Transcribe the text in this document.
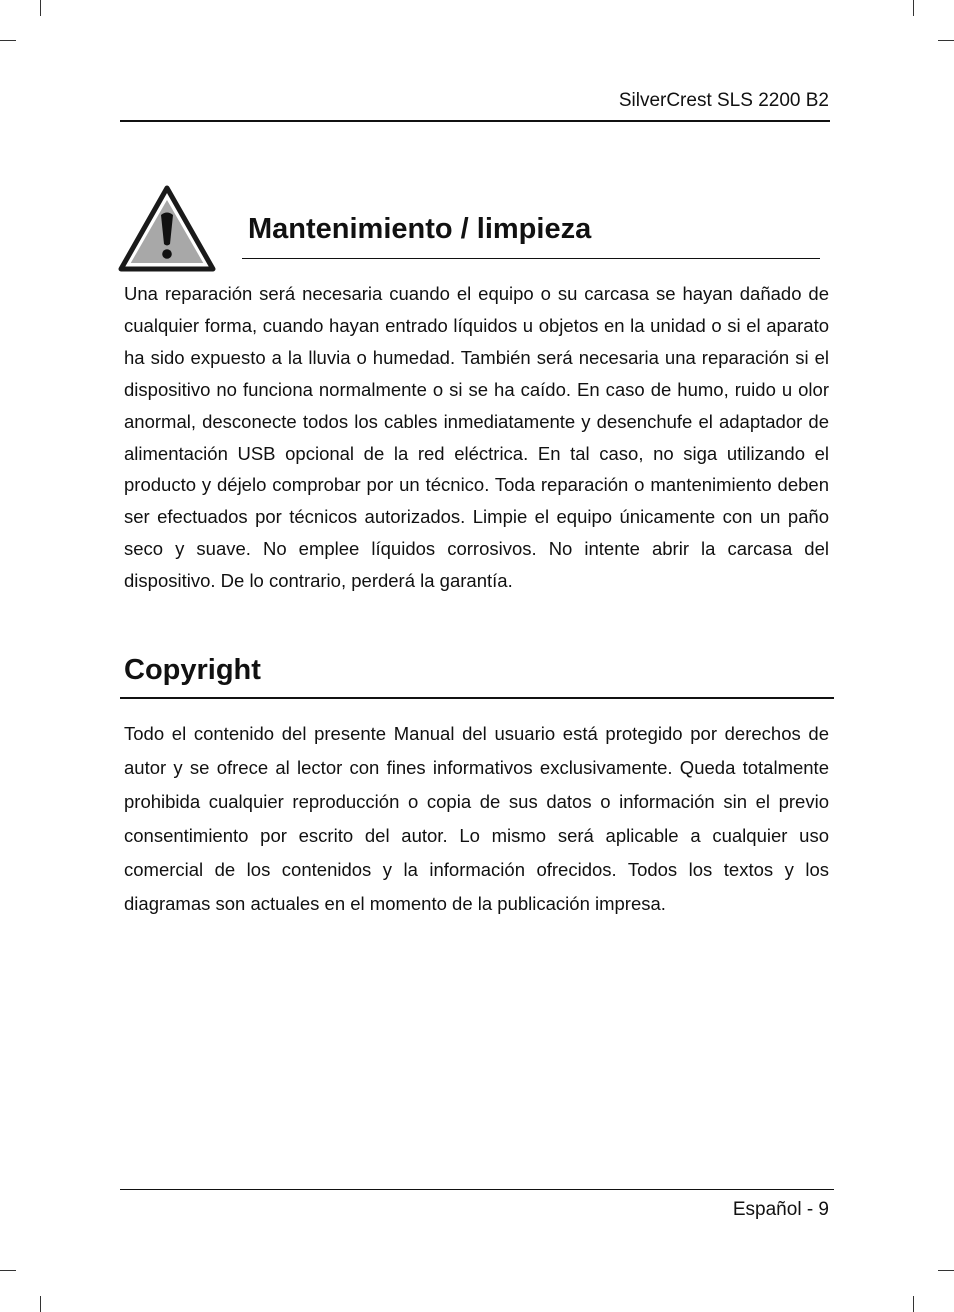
SilverCrest SLS 2200 B2
Mantenimiento / limpieza

Una reparación será necesaria cuando el equipo o su carcasa se hayan dañado de cualquier forma, cuando hayan entrado líquidos u objetos en la unidad o si el aparato ha sido expuesto a la lluvia o humedad. También será necesaria una reparación si el dispositivo no funciona normalmente o si se ha caído. En caso de humo, ruido u olor anormal, desconecte todos los cables inmediatamente y desenchufe el adaptador de alimentación USB opcional de la red eléctrica. En tal caso, no siga utilizando el producto y déjelo comprobar por un técnico. Toda reparación o mantenimiento deben ser efectuados por técnicos autorizados. Limpie el equipo únicamente con un paño seco y suave. No emplee líquidos corrosivos. No intente abrir la carcasa del dispositivo. De lo contrario, perderá la garantía.

Copyright

Todo el contenido del presente Manual del usuario está protegido por derechos de autor y se ofrece al lector con fines informativos exclusivamente. Queda totalmente prohibida cualquier reproducción o copia de sus datos o información sin el previo consentimiento por escrito del autor. Lo mismo será aplicable a cualquier uso comercial de los contenidos y la información ofrecidos. Todos los textos y los diagramas son actuales en el momento de la publicación impresa.

Español - 9
